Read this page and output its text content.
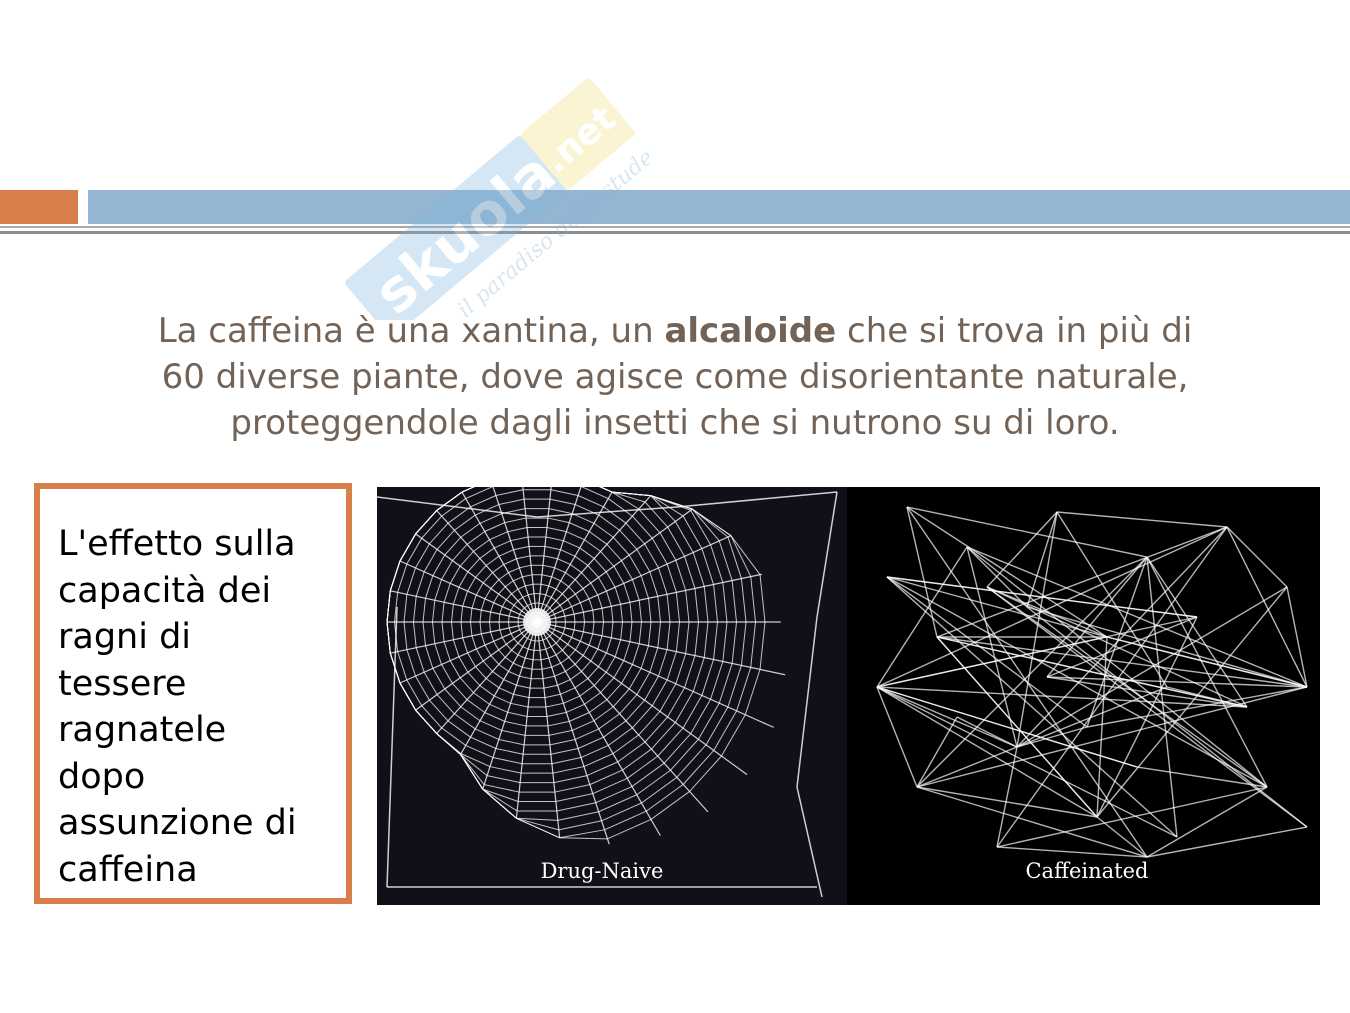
skuola
.net
il paradiso dello studente
La caffeina è una xantina, un alcaloide che si trova in più di
60 diverse piante, dove agisce come disorientante naturale,
proteggendole dagli insetti che si nutrono su di loro.
L'effetto sulla
capacità dei
ragni di
tessere
ragnatele
dopo
assunzione di
caffeina	Drug-Naive	Caffeinated
